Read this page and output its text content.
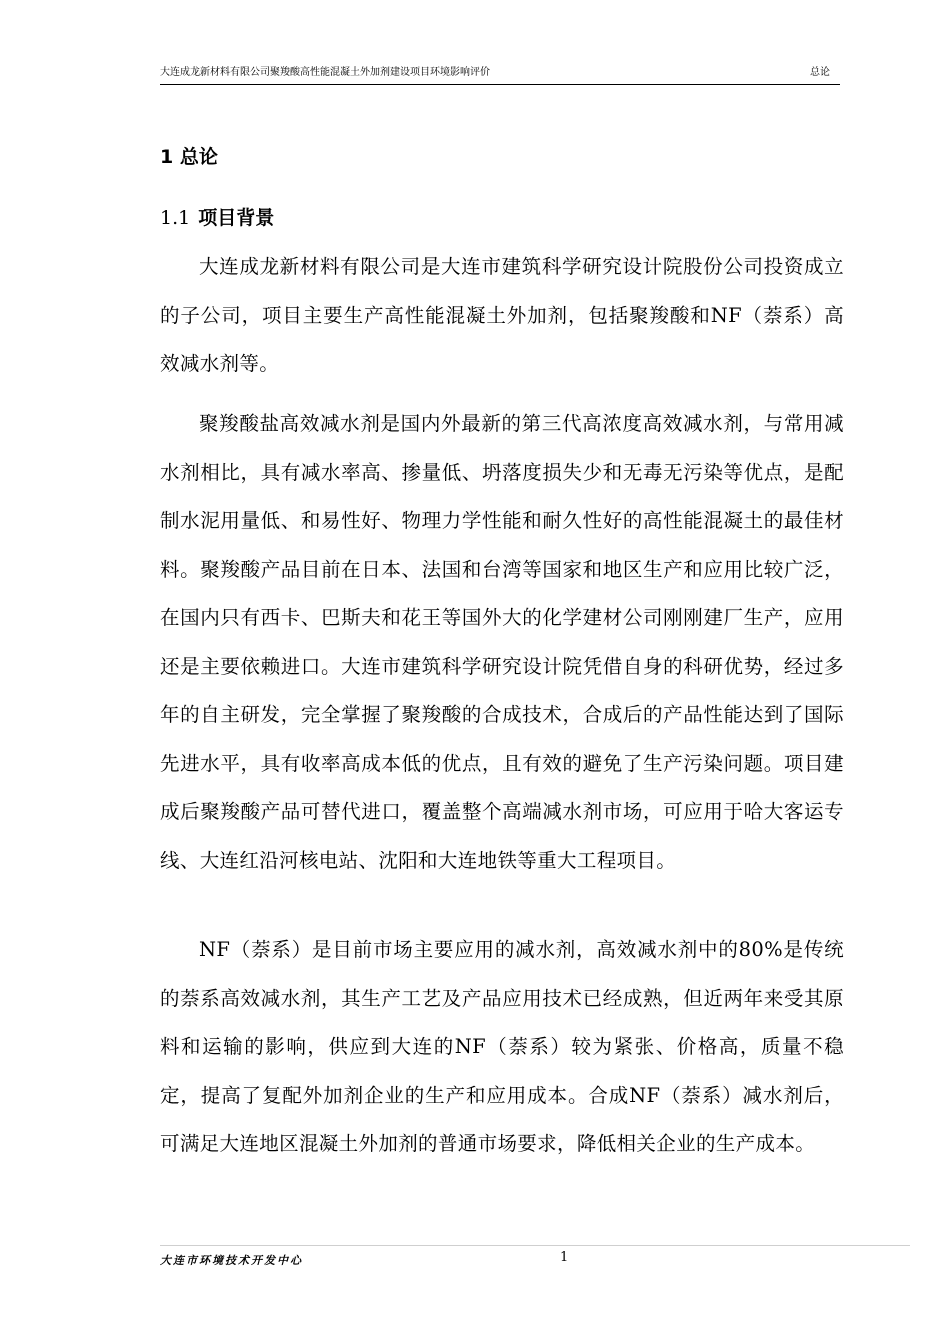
大连成龙新材料有限公司聚羧酸高性能混凝土外加剂建设项目环境影响评价	总论
1 总论
1.1 项目背景

大连成龙新材料有限公司是大连市建筑科学研究设计院股份公司投资成立的子公司，项目主要生产高性能混凝土外加剂，包括聚羧酸和NF（萘系）高效减水剂等。

聚羧酸盐高效减水剂是国内外最新的第三代高浓度高效减水剂，与常用减水剂相比，具有减水率高、掺量低、坍落度损失少和无毒无污染等优点，是配制水泥用量低、和易性好、物理力学性能和耐久性好的高性能混凝土的最佳材料。聚羧酸产品目前在日本、法国和台湾等国家和地区生产和应用比较广泛，在国内只有西卡、巴斯夫和花王等国外大的化学建材公司刚刚建厂生产，应用还是主要依赖进口。大连市建筑科学研究设计院凭借自身的科研优势，经过多年的自主研发，完全掌握了聚羧酸的合成技术，合成后的产品性能达到了国际先进水平，具有收率高成本低的优点，且有效的避免了生产污染问题。项目建成后聚羧酸产品可替代进口，覆盖整个高端减水剂市场，可应用于哈大客运专线、大连红沿河核电站、沈阳和大连地铁等重大工程项目。

NF（萘系）是目前市场主要应用的减水剂，高效减水剂中的80%是传统的萘系高效减水剂，其生产工艺及产品应用技术已经成熟，但近两年来受其原料和运输的影响，供应到大连的NF（萘系）较为紧张、价格高，质量不稳定，提高了复配外加剂企业的生产和应用成本。合成NF（萘系）减水剂后，可满足大连地区混凝土外加剂的普通市场要求，降低相关企业的生产成本。

大连市环境技术开发中心	1
